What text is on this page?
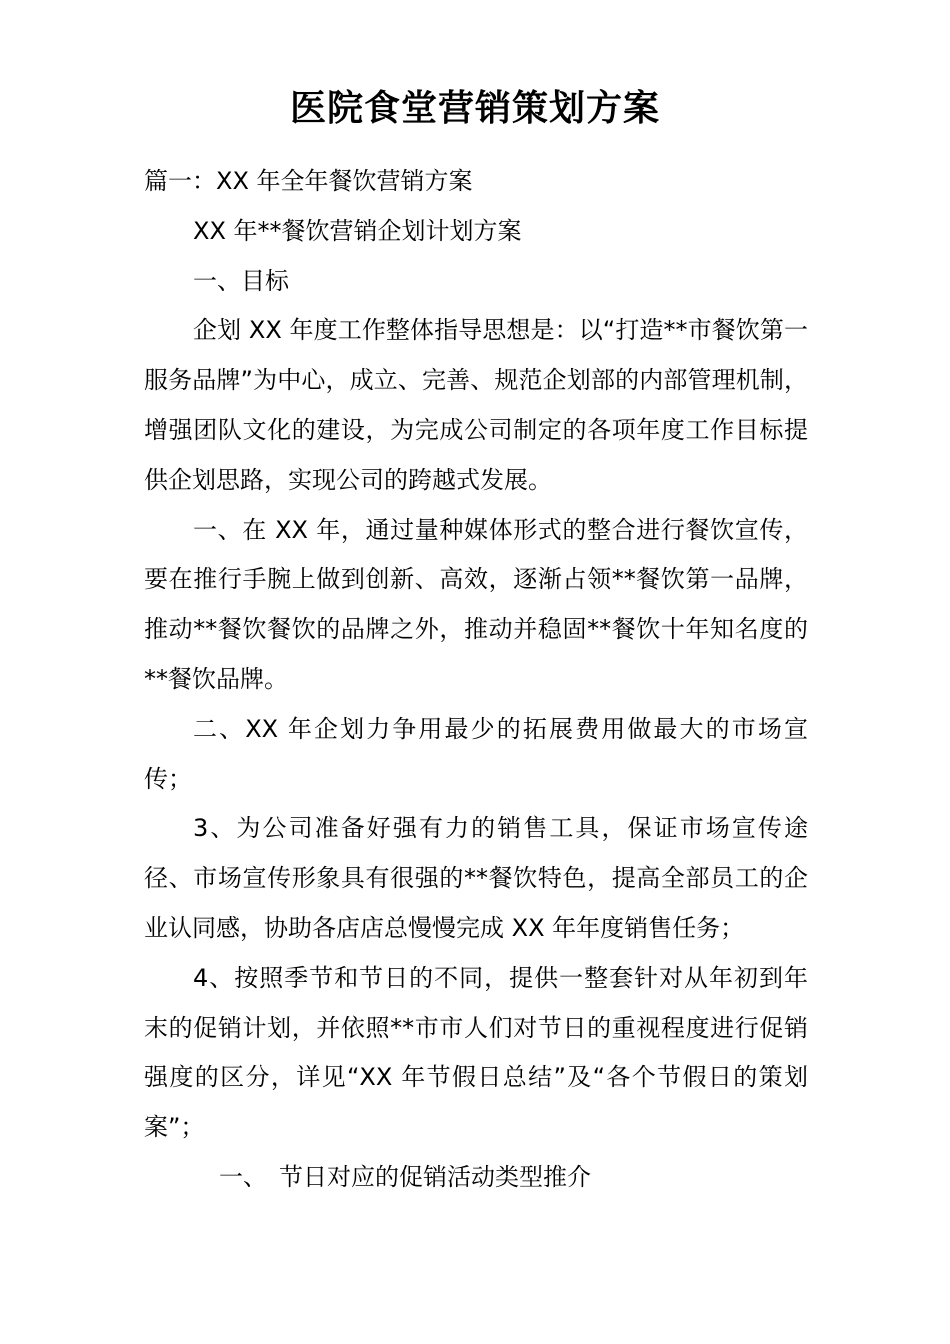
医院食堂营销策划方案

篇一：XX 年全年餐饮营销方案

XX 年**餐饮营销企划计划方案

一、目标

企划 XX 年度工作整体指导思想是：以“打造**市餐饮第一服务品牌”为中心，成立、完善、规范企划部的内部管理机制，增强团队文化的建设，为完成公司制定的各项年度工作目标提供企划思路，实现公司的跨越式发展。

一、在 XX 年，通过量种媒体形式的整合进行餐饮宣传，要在推行手腕上做到创新、高效，逐渐占领**餐饮第一品牌，推动**餐饮餐饮的品牌之外，推动并稳固**餐饮十年知名度的**餐饮品牌。

二、XX 年企划力争用最少的拓展费用做最大的市场宣传；

3、为公司准备好强有力的销售工具，保证市场宣传途径、市场宣传形象具有很强的**餐饮特色，提高全部员工的企业认同感，协助各店店总慢慢完成 XX 年年度销售任务；

4、按照季节和节日的不同，提供一整套针对从年初到年末的促销计划，并依照**市市人们对节日的重视程度进行促销强度的区分，详见“XX 年节假日总结”及“各个节假日的策划案”；

一、　节日对应的促销活动类型推介
